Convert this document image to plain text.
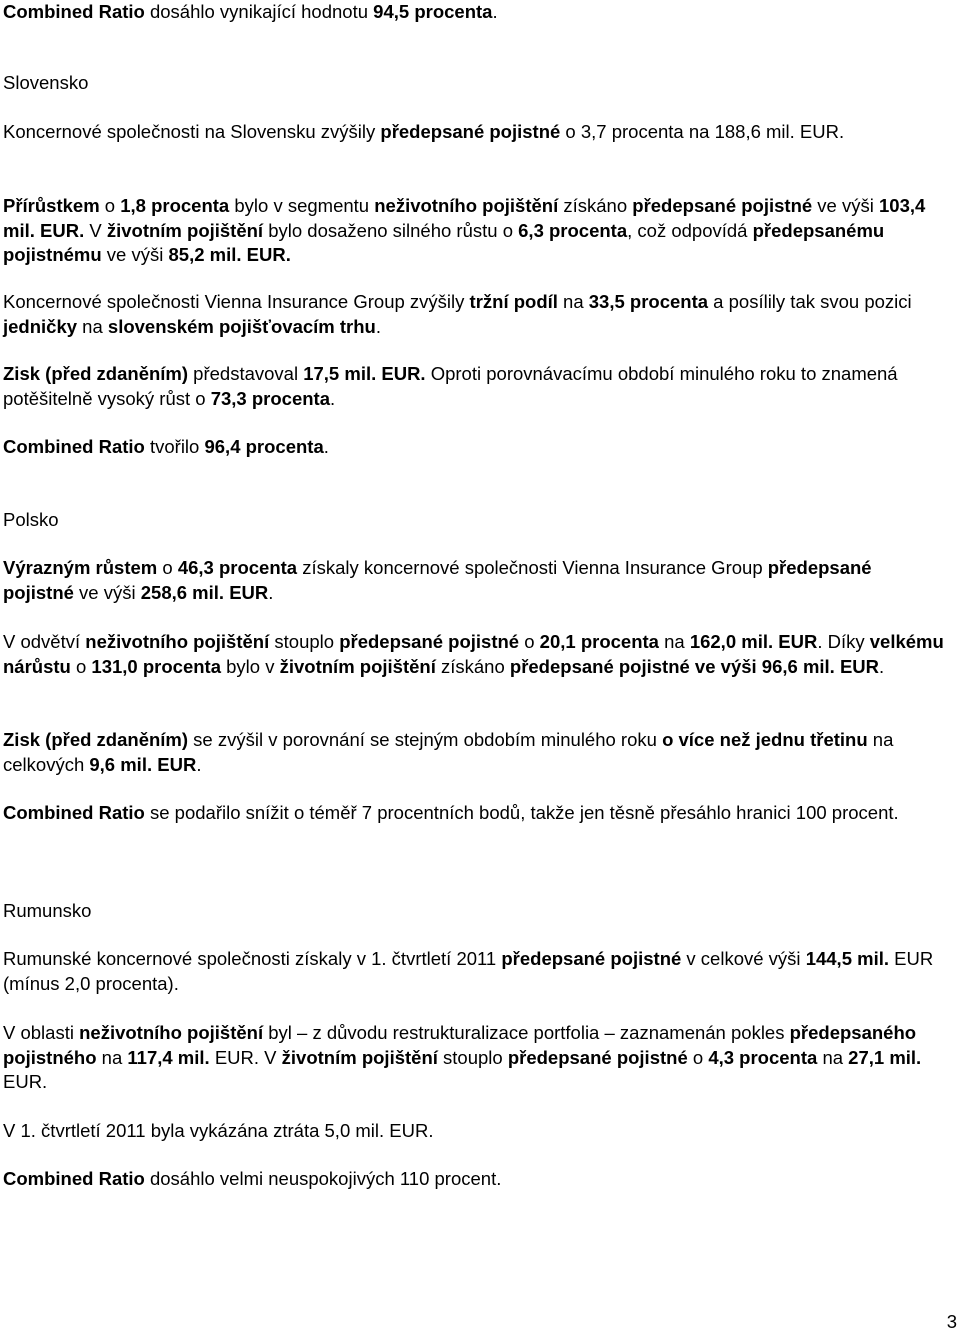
Combined Ratio dosáhlo vynikající hodnotu 94,5 procenta.

Slovensko

Koncernové společnosti na Slovensku zvýšily předepsané pojistné o 3,7 procenta na 188,6 mil. EUR.

Přírůstkem o 1,8 procenta bylo v segmentu neživotního pojištění získáno předepsané pojistné ve výši 103,4 mil. EUR. V životním pojištění bylo dosaženo silného růstu o 6,3 procenta, což odpovídá předepsanému pojistnému ve výši 85,2 mil. EUR.

Koncernové společnosti Vienna Insurance Group zvýšily tržní podíl na 33,5 procenta a posílily tak svou pozici jedničky na slovenském pojišťovacím trhu.

Zisk (před zdaněním) představoval 17,5 mil. EUR. Oproti porovnávacímu období minulého roku to znamená potěšitelně vysoký růst o 73,3 procenta.

Combined Ratio tvořilo 96,4 procenta.

Polsko

Výrazným růstem o 46,3 procenta získaly koncernové společnosti Vienna Insurance Group předepsané pojistné ve výši 258,6 mil. EUR.

V odvětví neživotního pojištění stouplo předepsané pojistné o 20,1 procenta na 162,0 mil. EUR. Díky velkému nárůstu o 131,0 procenta bylo v životním pojištění získáno předepsané pojistné ve výši 96,6 mil. EUR.

Zisk (před zdaněním) se zvýšil v porovnání se stejným obdobím minulého roku o více než jednu třetinu na celkových 9,6 mil. EUR.

Combined Ratio se podařilo snížit o téměř 7 procentních bodů, takže jen těsně přesáhlo hranici 100 procent.

Rumunsko

Rumunské koncernové společnosti získaly v 1. čtvrtletí 2011 předepsané pojistné v celkové výši 144,5 mil. EUR (mínus 2,0 procenta).

V oblasti neživotního pojištění byl – z důvodu restrukturalizace portfolia – zaznamenán pokles předepsaného pojistného na 117,4 mil. EUR. V životním pojištění stouplo předepsané pojistné o 4,3 procenta na 27,1 mil. EUR.

V 1. čtvrtletí 2011 byla vykázána ztráta 5,0 mil. EUR.

Combined Ratio dosáhlo velmi neuspokojivých 110 procent.

3
